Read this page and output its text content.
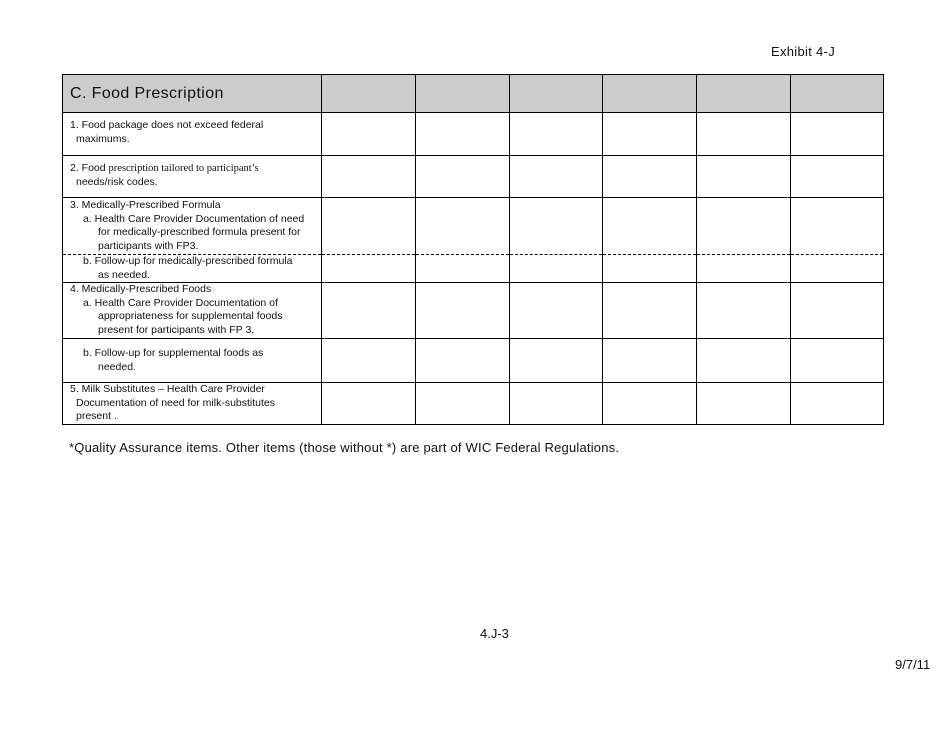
Exhibit 4-J
C. Food Prescription						

1. Food package does not exceed federal
maximums.						

2. Food prescription tailored to participant’s
needs/risk codes.						

3. Medically-Prescribed Formula
a. Health Care Provider Documentation of need
for medically-prescribed formula present for
participants with FP3.						

b. Follow-up for medically-prescribed formula
as needed.						

4. Medically-Prescribed Foods
a. Health Care Provider Documentation of
appropriateness for supplemental foods
present for participants with FP 3.						

b. Follow-up for supplemental foods as
needed.						

5. Milk Substitutes – Health Care Provider
Documentation of need for milk-substitutes
present .						

*Quality Assurance items. Other items (those without *) are part of WIC Federal Regulations.
4.J-3
9/7/11
